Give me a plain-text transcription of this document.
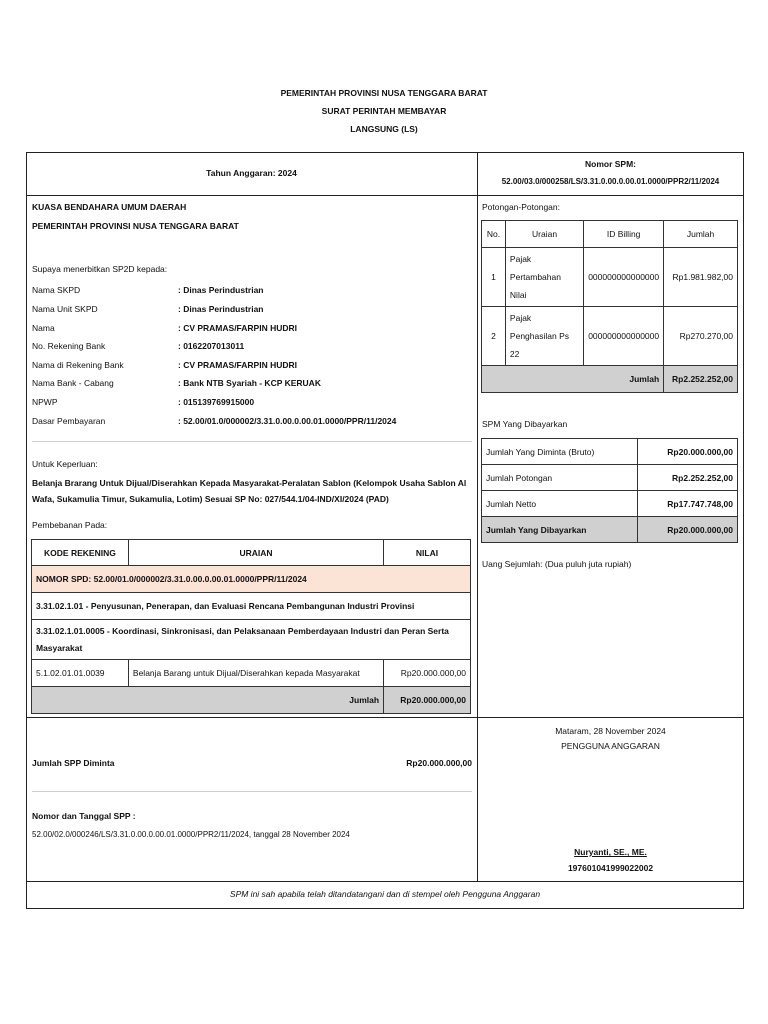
PEMERINTAH PROVINSI NUSA TENGGARA BARAT
SURAT PERINTAH MEMBAYAR
LANGSUNG (LS)
Tahun Anggaran: 2024
Nomor SPM:
52.00/03.0/000258/LS/3.31.0.00.0.00.01.0000/PPR2/11/2024
KUASA BENDAHARA UMUM DAERAH
PEMERINTAH PROVINSI NUSA TENGGARA BARAT
Supaya menerbitkan SP2D kepada:
Nama SKPD	: Dinas Perindustrian
Nama Unit SKPD	: Dinas Perindustrian
Nama	: CV PRAMAS/FARPIN HUDRI
No. Rekening Bank	: 0162207013011
Nama di Rekening Bank	: CV PRAMAS/FARPIN HUDRI
Nama Bank - Cabang	: Bank NTB Syariah - KCP KERUAK
NPWP	: 015139769915000
Dasar Pembayaran	: 52.00/01.0/000002/3.31.0.00.0.00.01.0000/PPR/11/2024
Untuk Keperluan:
Belanja Brarang Untuk Dijual/Diserahkan Kepada Masyarakat-Peralatan Sablon (Kelompok Usaha Sablon Al
Wafa, Sukamulia Timur, Sukamulia, Lotim) Sesuai SP No: 027/544.1/04-IND/XI/2024 (PAD)
Pembebanan Pada:
KODE REKENING	URAIAN	NILAI
NOMOR SPD: 52.00/01.0/000002/3.31.0.00.0.00.01.0000/PPR/11/2024		
3.31.02.1.01 - Penyusunan, Penerapan, dan Evaluasi Rencana Pembangunan Industri Provinsi		
3.31.02.1.01.0005 - Koordinasi, Sinkronisasi, dan Pelaksanaan Pemberdayaan Industri dan Peran Serta
Masyarakat		
5.1.02.01.01.0039	Belanja Barang untuk Dijual/Diserahkan kepada Masyarakat	Rp20.000.000,00
Jumlah		Rp20.000.000,00
Potongan-Potongan:
No.	Uraian	ID Billing	Jumlah
1	Pajak
Pertambahan
Nilai	000000000000000	Rp1.981.982,00
2	Pajak
Penghasilan Ps
22	000000000000000	Rp270.270,00
Jumlah			Rp2.252.252,00
SPM Yang Dibayarkan
Jumlah Yang Diminta (Bruto)	Rp20.000.000,00
Jumlah Potongan	Rp2.252.252,00
Jumlah Netto	Rp17.747.748,00
Jumlah Yang Dibayarkan	Rp20.000.000,00
Uang Sejumlah: (Dua puluh juta rupiah)
Jumlah SPP Diminta	Rp20.000.000,00
Nomor dan Tanggal SPP :
52.00/02.0/000246/LS/3.31.0.00.0.00.01.0000/PPR2/11/2024, tanggal 28 November 2024
Mataram, 28 November 2024
PENGGUNA ANGGARAN
Nuryanti, SE., ME.
197601041999022002
SPM ini sah apabila telah ditandatangani dan di stempel oleh Pengguna Anggaran
